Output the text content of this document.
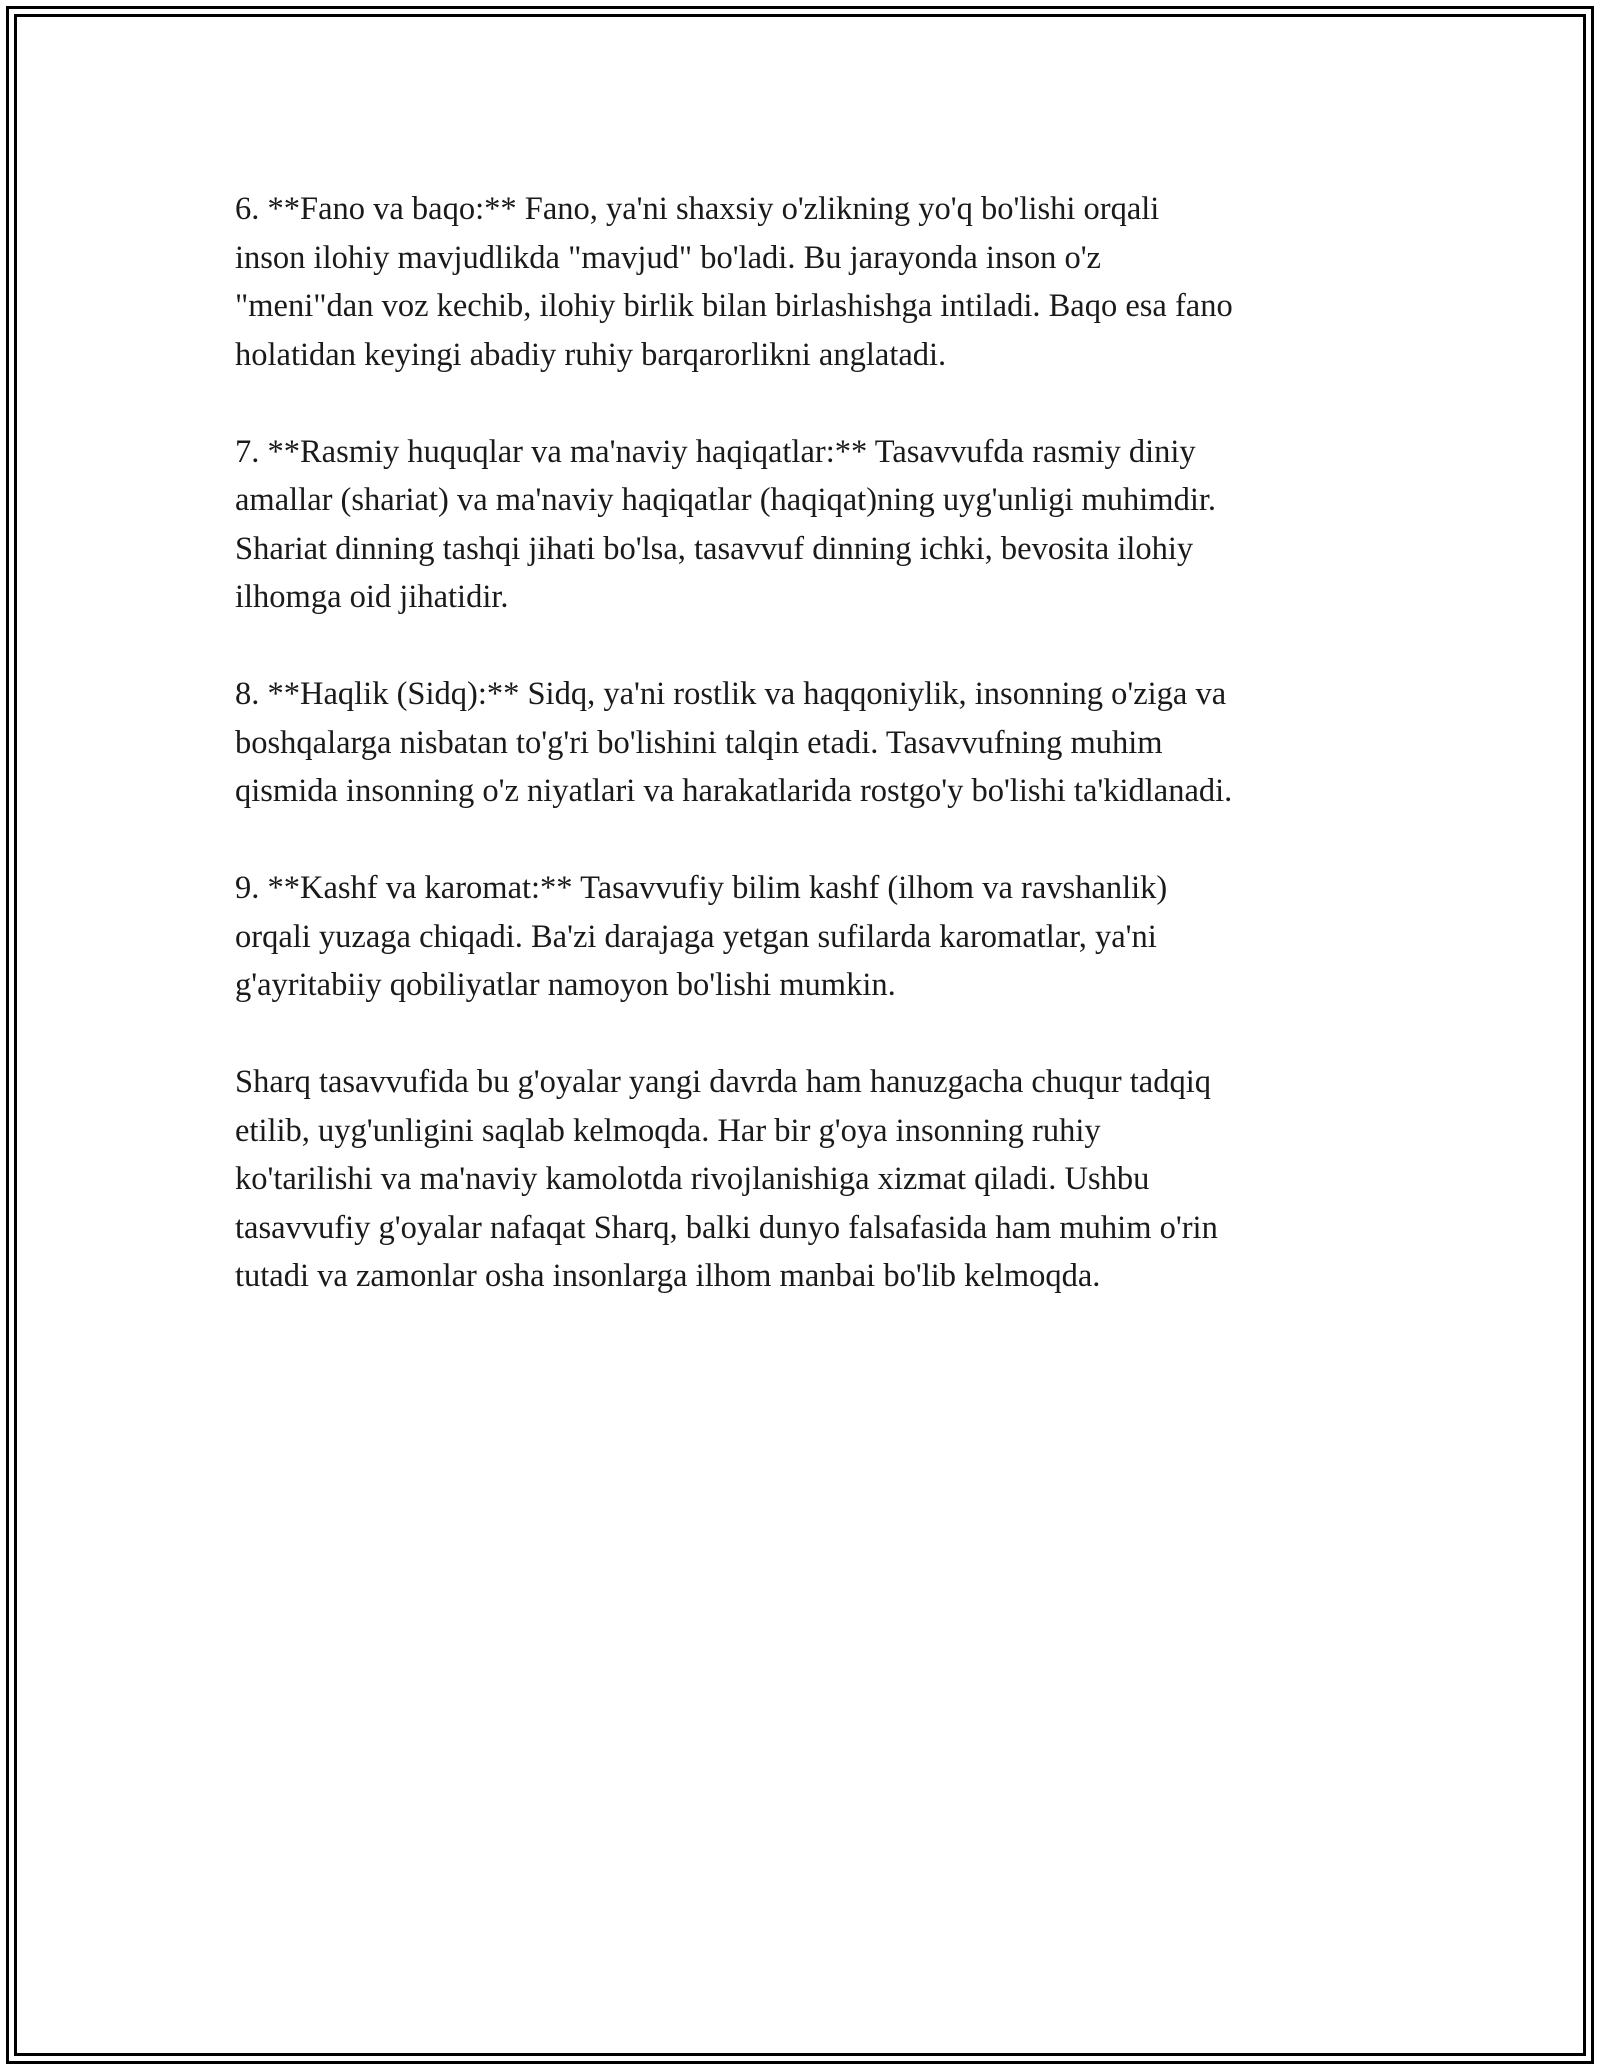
6. **Fano va baqo:** Fano, ya'ni shaxsiy o'zlikning yo'q bo'lishi orqali
inson ilohiy mavjudlikda "mavjud" bo'ladi. Bu jarayonda inson o'z
"meni"dan voz kechib, ilohiy birlik bilan birlashishga intiladi. Baqo esa fano
holatidan keyingi abadiy ruhiy barqarorlikni anglatadi.

7. **Rasmiy huquqlar va ma'naviy haqiqatlar:** Tasavvufda rasmiy diniy
amallar (shariat) va ma'naviy haqiqatlar (haqiqat)ning uyg'unligi muhimdir.
Shariat dinning tashqi jihati bo'lsa, tasavvuf dinning ichki, bevosita ilohiy
ilhomga oid jihatidir.

8. **Haqlik (Sidq):** Sidq, ya'ni rostlik va haqqoniylik, insonning o'ziga va
boshqalarga nisbatan to'g'ri bo'lishini talqin etadi. Tasavvufning muhim
qismida insonning o'z niyatlari va harakatlarida rostgo'y bo'lishi ta'kidlanadi.

9. **Kashf va karomat:** Tasavvufiy bilim kashf (ilhom va ravshanlik)
orqali yuzaga chiqadi. Ba'zi darajaga yetgan sufilarda karomatlar, ya'ni
g'ayritabiiy qobiliyatlar namoyon bo'lishi mumkin.

Sharq tasavvufida bu g'oyalar yangi davrda ham hanuzgacha chuqur tadqiq
etilib, uyg'unligini saqlab kelmoqda. Har bir g'oya insonning ruhiy
ko'tarilishi va ma'naviy kamolotda rivojlanishiga xizmat qiladi. Ushbu
tasavvufiy g'oyalar nafaqat Sharq, balki dunyo falsafasida ham muhim o'rin
tutadi va zamonlar osha insonlarga ilhom manbai bo'lib kelmoqda.
